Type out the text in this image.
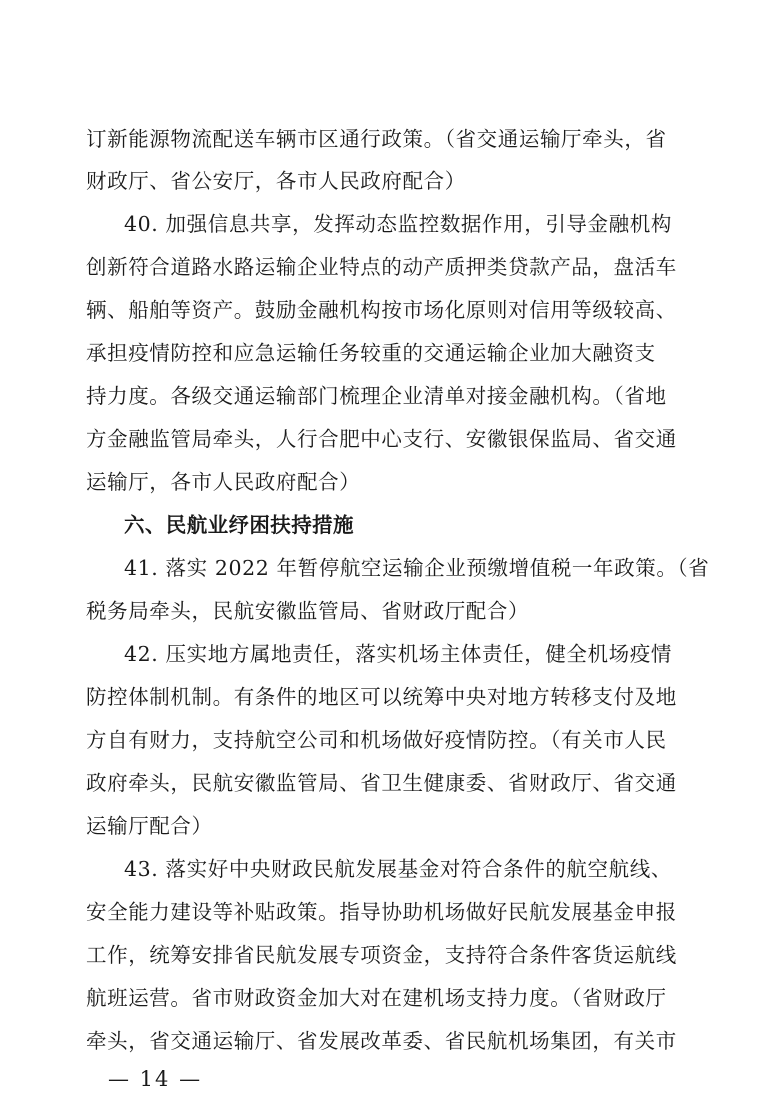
订新能源物流配送车辆市区通行政策。（省交通运输厅牵头，省
财政厅、省公安厅，各市人民政府配合）
40. 加强信息共享，发挥动态监控数据作用，引导金融机构
创新符合道路水路运输企业特点的动产质押类贷款产品，盘活车
辆、船舶等资产。鼓励金融机构按市场化原则对信用等级较高、
承担疫情防控和应急运输任务较重的交通运输企业加大融资支
持力度。各级交通运输部门梳理企业清单对接金融机构。（省地
方金融监管局牵头，人行合肥中心支行、安徽银保监局、省交通
运输厅，各市人民政府配合）
六、民航业纾困扶持措施
41. 落实 2022 年暂停航空运输企业预缴增值税一年政策。（省
税务局牵头，民航安徽监管局、省财政厅配合）
42. 压实地方属地责任，落实机场主体责任，健全机场疫情
防控体制机制。有条件的地区可以统筹中央对地方转移支付及地
方自有财力，支持航空公司和机场做好疫情防控。（有关市人民
政府牵头，民航安徽监管局、省卫生健康委、省财政厅、省交通
运输厅配合）
43. 落实好中央财政民航发展基金对符合条件的航空航线、
安全能力建设等补贴政策。指导协助机场做好民航发展基金申报
工作，统筹安排省民航发展专项资金，支持符合条件客货运航线
航班运营。省市财政资金加大对在建机场支持力度。（省财政厅
牵头，省交通运输厅、省发展改革委、省民航机场集团，有关市
— 14 —
